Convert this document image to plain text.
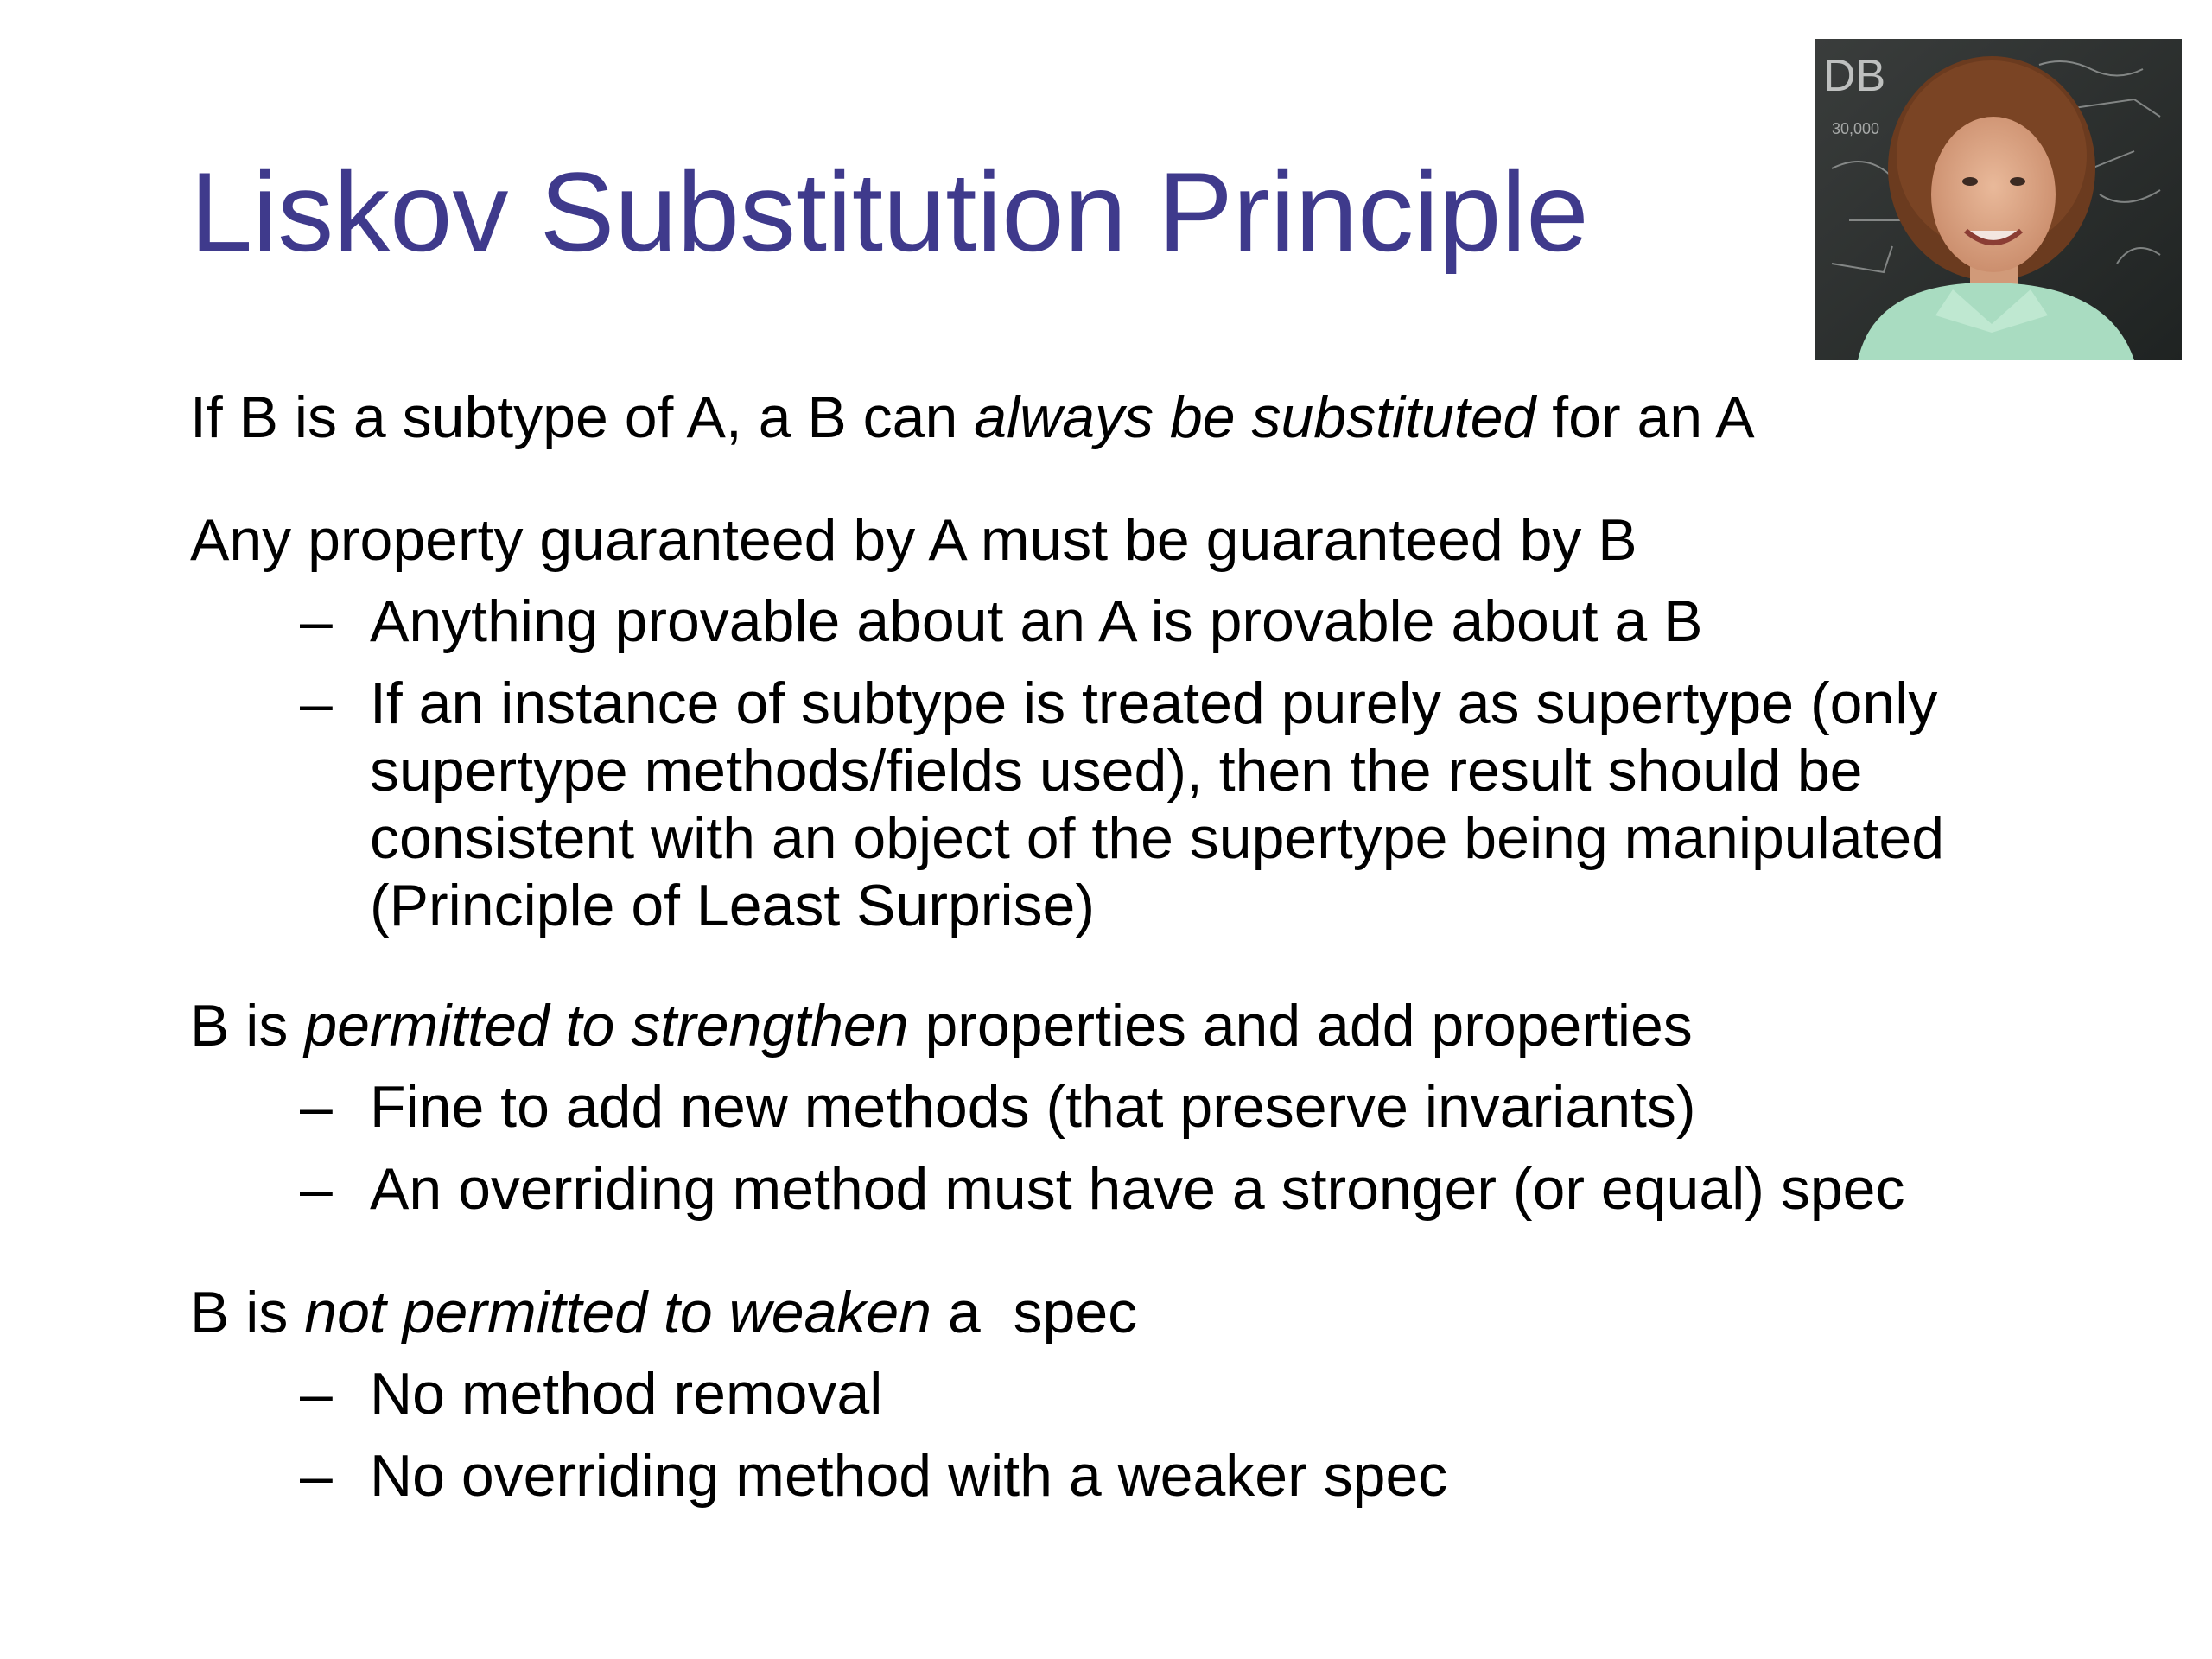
Liskov Substitution Principle
DB
30,000
If B is a subtype of A, a B can always be substituted for an A
Any property guaranteed by A must be guaranteed by B
– Anything provable about an A is provable about a B
– If an instance of subtype is treated purely as supertype (only
supertype methods/fields used), then the result should be
consistent with an object of the supertype being manipulated
(Principle of Least Surprise)
B is permitted to strengthen properties and add properties
– Fine to add new methods (that preserve invariants)
– An overriding method must have a stronger (or equal) spec
B is not permitted to weaken a  spec
– No method removal
– No overriding method with a weaker spec
